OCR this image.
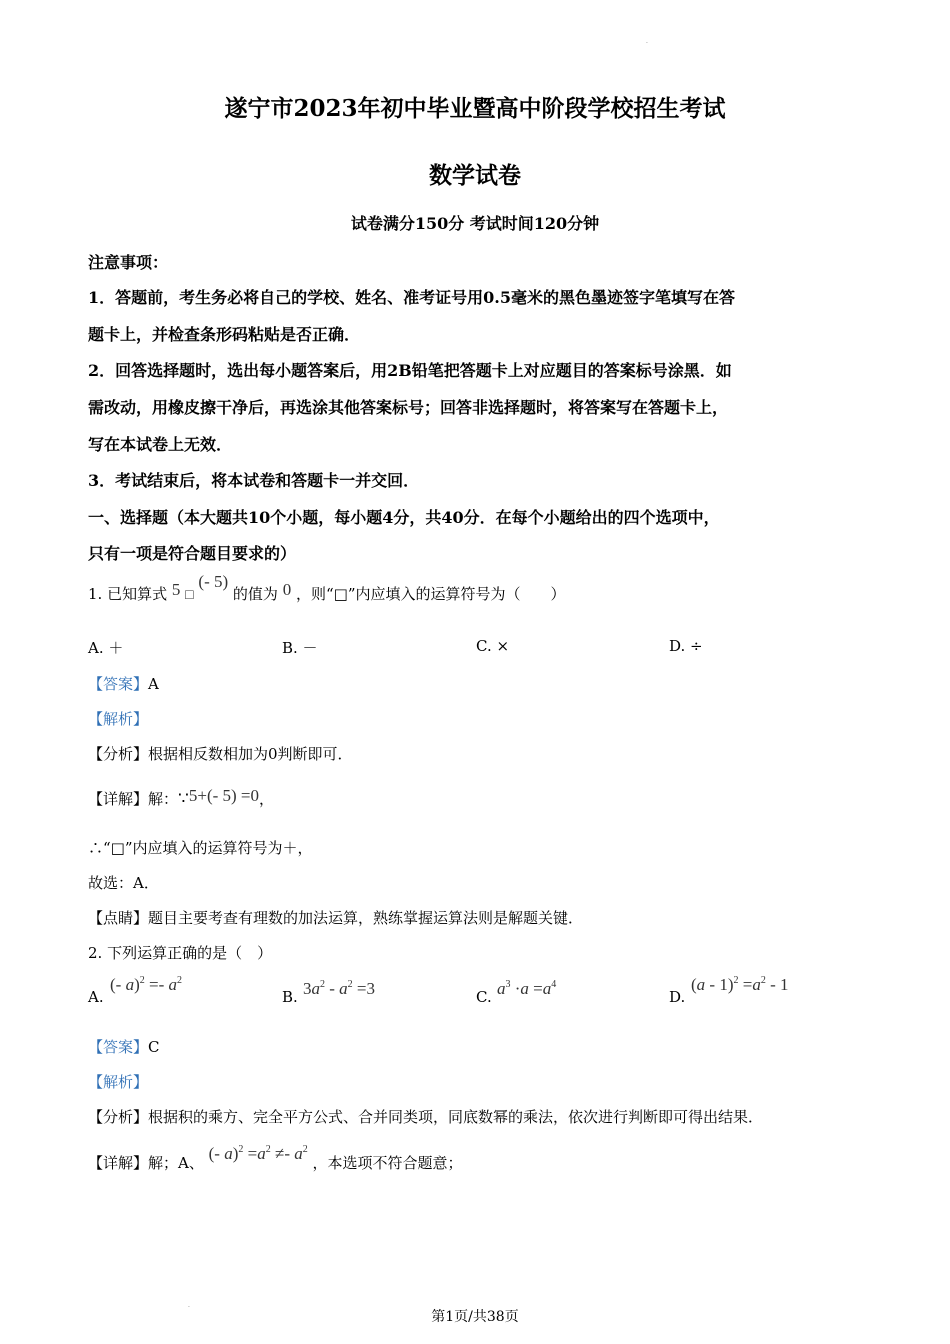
·
遂宁市2023年初中毕业暨高中阶段学校招生考试
数学试卷
试卷满分150分 考试时间120分钟
注意事项：
1．答题前，考生务必将自己的学校、姓名、准考证号用0.5毫米的黑色墨迹签字笔填写在答
题卡上，并检查条形码粘贴是否正确．
2．回答选择题时，选出每小题答案后，用2B铅笔把答题卡上对应题目的答案标号涂黑．如
需改动，用橡皮擦干净后，再选涂其他答案标号；回答非选择题时，将答案写在答题卡上，
写在本试卷上无效．
3．考试结束后，将本试卷和答题卡一并交回．
一、选择题（本大题共10个小题，每小题4分，共40分．在每个小题给出的四个选项中，
只有一项是符合题目要求的）
1. 已知算式 5 □ (- 5) 的值为 0 ，则“□”内应填入的运算符号为（　　）
A. ＋	B. －	C. ×	D. ÷
【答案】A
【解析】
【分析】根据相反数相加为0判断即可．
【详解】解：∵5+(- 5) =0，
∴“□”内应填入的运算符号为＋，
故选：A．
【点睛】题目主要考查有理数的加法运算，熟练掌握运算法则是解题关键．
2. 下列运算正确的是（　）
A.
(- $a)^2 =- a^2$
B. $3a^2 - a^2 =3$	C. $a^3 \cdot a =a^4$
D.
$(a - 1)^2 =a^2 - 1$
【答案】C
【解析】
【分析】根据积的乘方、完全平方公式、合并同类项，同底数幂的乘法，依次进行判断即可得出结果．
【详解】解；A、 (- $a)^2 =a^2 \ne- a^2$ ，本选项不符合题意；
·
第1页/共38页
